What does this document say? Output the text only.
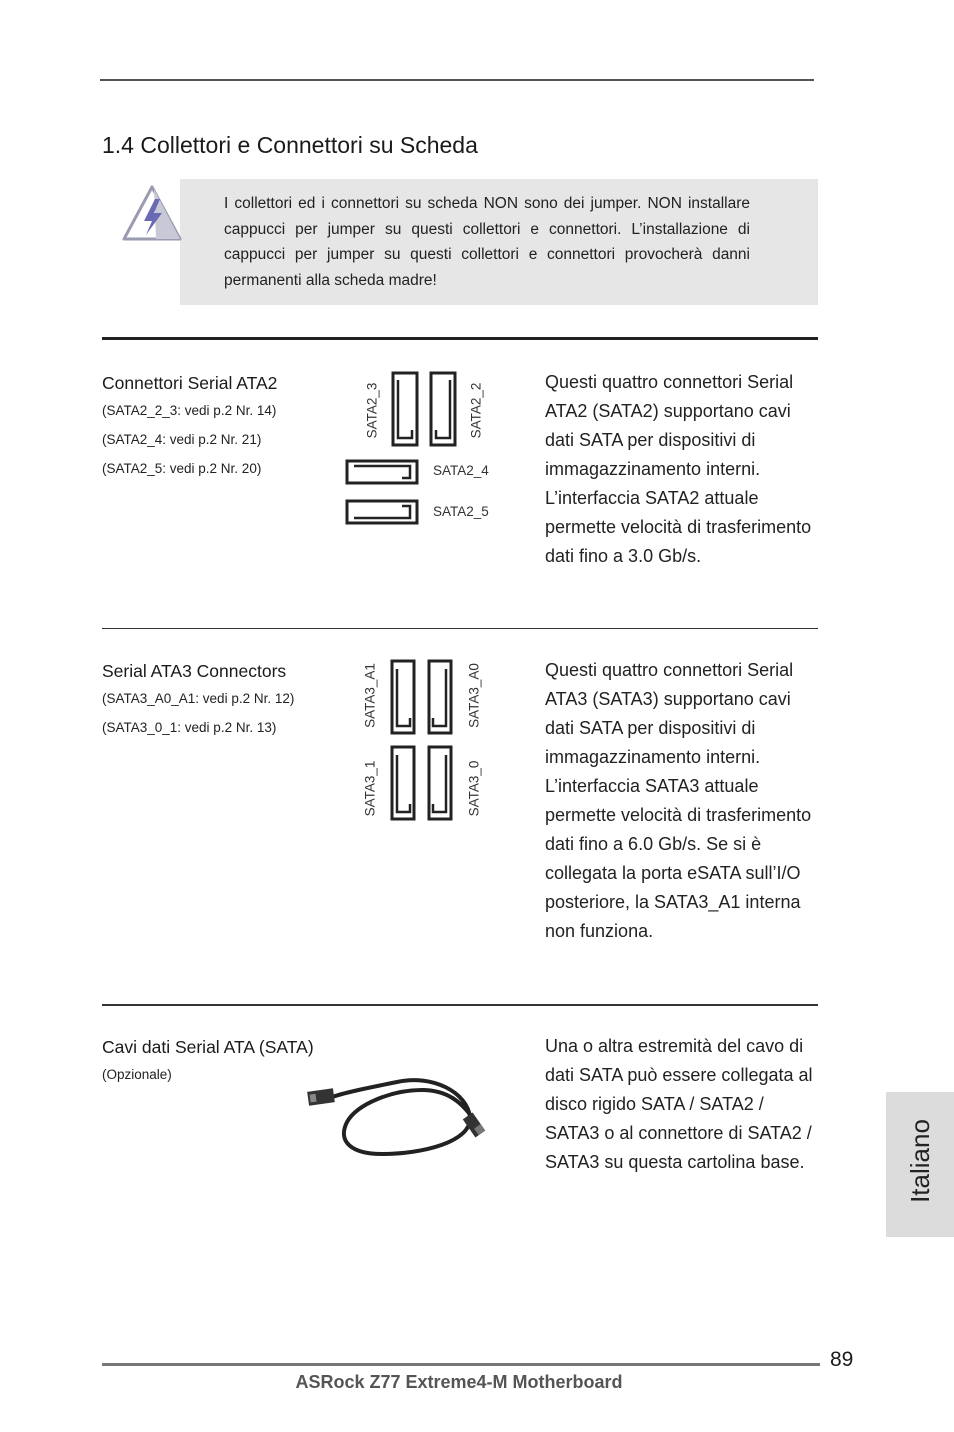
1.4 Collettori e Connettori su Scheda
I collettori ed i connettori su scheda NON sono dei jumper. NON installare cappucci per jumper su questi collettori e connettori. L’installazione di cappucci per jumper su questi collettori e connettori provocherà danni permanenti alla scheda madre!
Connettori Serial ATA2
(SATA2_2_3: vedi p.2 Nr. 14)
(SATA2_4: vedi p.2 Nr. 21)
(SATA2_5: vedi p.2 Nr. 20)
SATA2_3	SATA2_2
SATA2_4
SATA2_5
Questi quattro connettori Serial ATA2 (SATA2) supportano cavi dati SATA per dispositivi di immagazzinamento interni. L’interfaccia SATA2 attuale permette velocità di trasferimento dati fino a 3.0 Gb/s.
Serial ATA3 Connectors
(SATA3_A0_A1: vedi p.2 Nr. 12)
(SATA3_0_1: vedi p.2 Nr. 13)	SATA3_A1	SATA3_A0
SATA3_1	SATA3_0
Questi quattro connettori Serial ATA3 (SATA3) supportano cavi dati SATA per dispositivi di immagazzinamento interni. L’interfaccia SATA3 attuale permette velocità di trasferimento dati fino a 6.0 Gb/s. Se si è collegata la porta eSATA sull’I/O posteriore, la SATA3_A1 interna non funziona.
Cavi dati Serial ATA (SATA)
(Opzionale)
Una o altra estremità del cavo di dati SATA può essere collegata al disco rigido SATA / SATA2 / SATA3 o al connettore di SATA2 / SATA3 su questa cartolina base.	Italiano
89
ASRock Z77 Extreme4-M Motherboard
